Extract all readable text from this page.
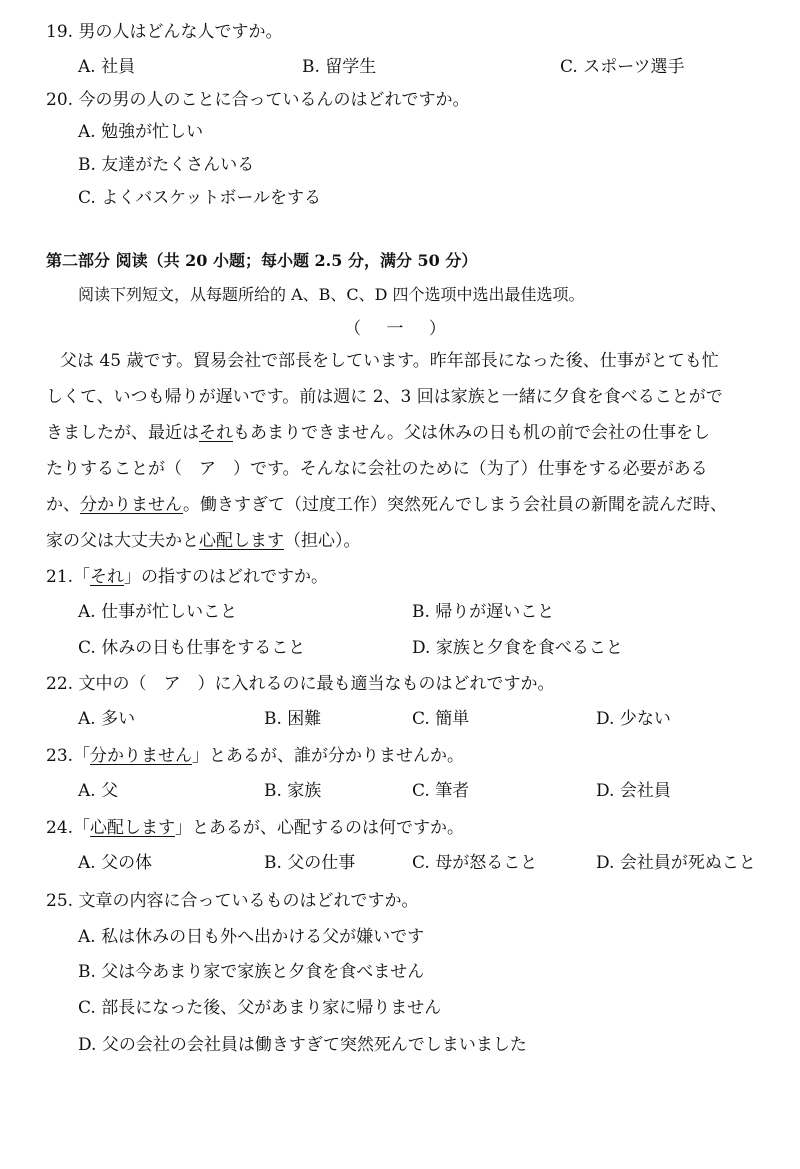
19. 男の人はどんな人ですか。
A. 社員	B. 留学生	C. スポーツ選手
20. 今の男の人のことに合っているんのはどれですか。
A. 勉強が忙しい
B. 友達がたくさんいる
C. よくバスケットボールをする
第二部分 阅读（共 20 小题；每小题 2.5 分，满分 50 分）
阅读下列短文，从每题所给的 A、B、C、D 四个选项中选出最佳选项。
（ 一 ）
父は 45 歳です。貿易会社で部長をしています。昨年部長になった後、仕事がとても忙
しくて、いつも帰りが遅いです。前は週に 2、3 回は家族と一緒に夕食を食べることがで
きましたが、最近はそれもあまりできません。父は休みの日も机の前で会社の仕事をし
たりすることが（　ア　）です。そんなに会社のために（为了）仕事をする必要がある
か、分かりません。働きすぎて（过度工作）突然死んでしまう会社員の新聞を読んだ時、
家の父は大丈夫かと心配します（担心）。
21.「それ」の指すのはどれですか。
A. 仕事が忙しいこと	B. 帰りが遅いこと
C. 休みの日も仕事をすること	D. 家族と夕食を食べること
22. 文中の（　ア　）に入れるのに最も適当なものはどれですか。
A. 多い	B. 困難	C. 簡単	D. 少ない
23.「分かりません」とあるが、誰が分かりませんか。
A. 父	B. 家族	C. 筆者	D. 会社員
24.「心配します」とあるが、心配するのは何ですか。
A. 父の体	B. 父の仕事	C. 母が怒ること	D. 会社員が死ぬこと
25. 文章の内容に合っているものはどれですか。
A. 私は休みの日も外へ出かける父が嫌いです
B. 父は今あまり家で家族と夕食を食べません
C. 部長になった後、父があまり家に帰りません
D. 父の会社の会社員は働きすぎて突然死んでしまいました
